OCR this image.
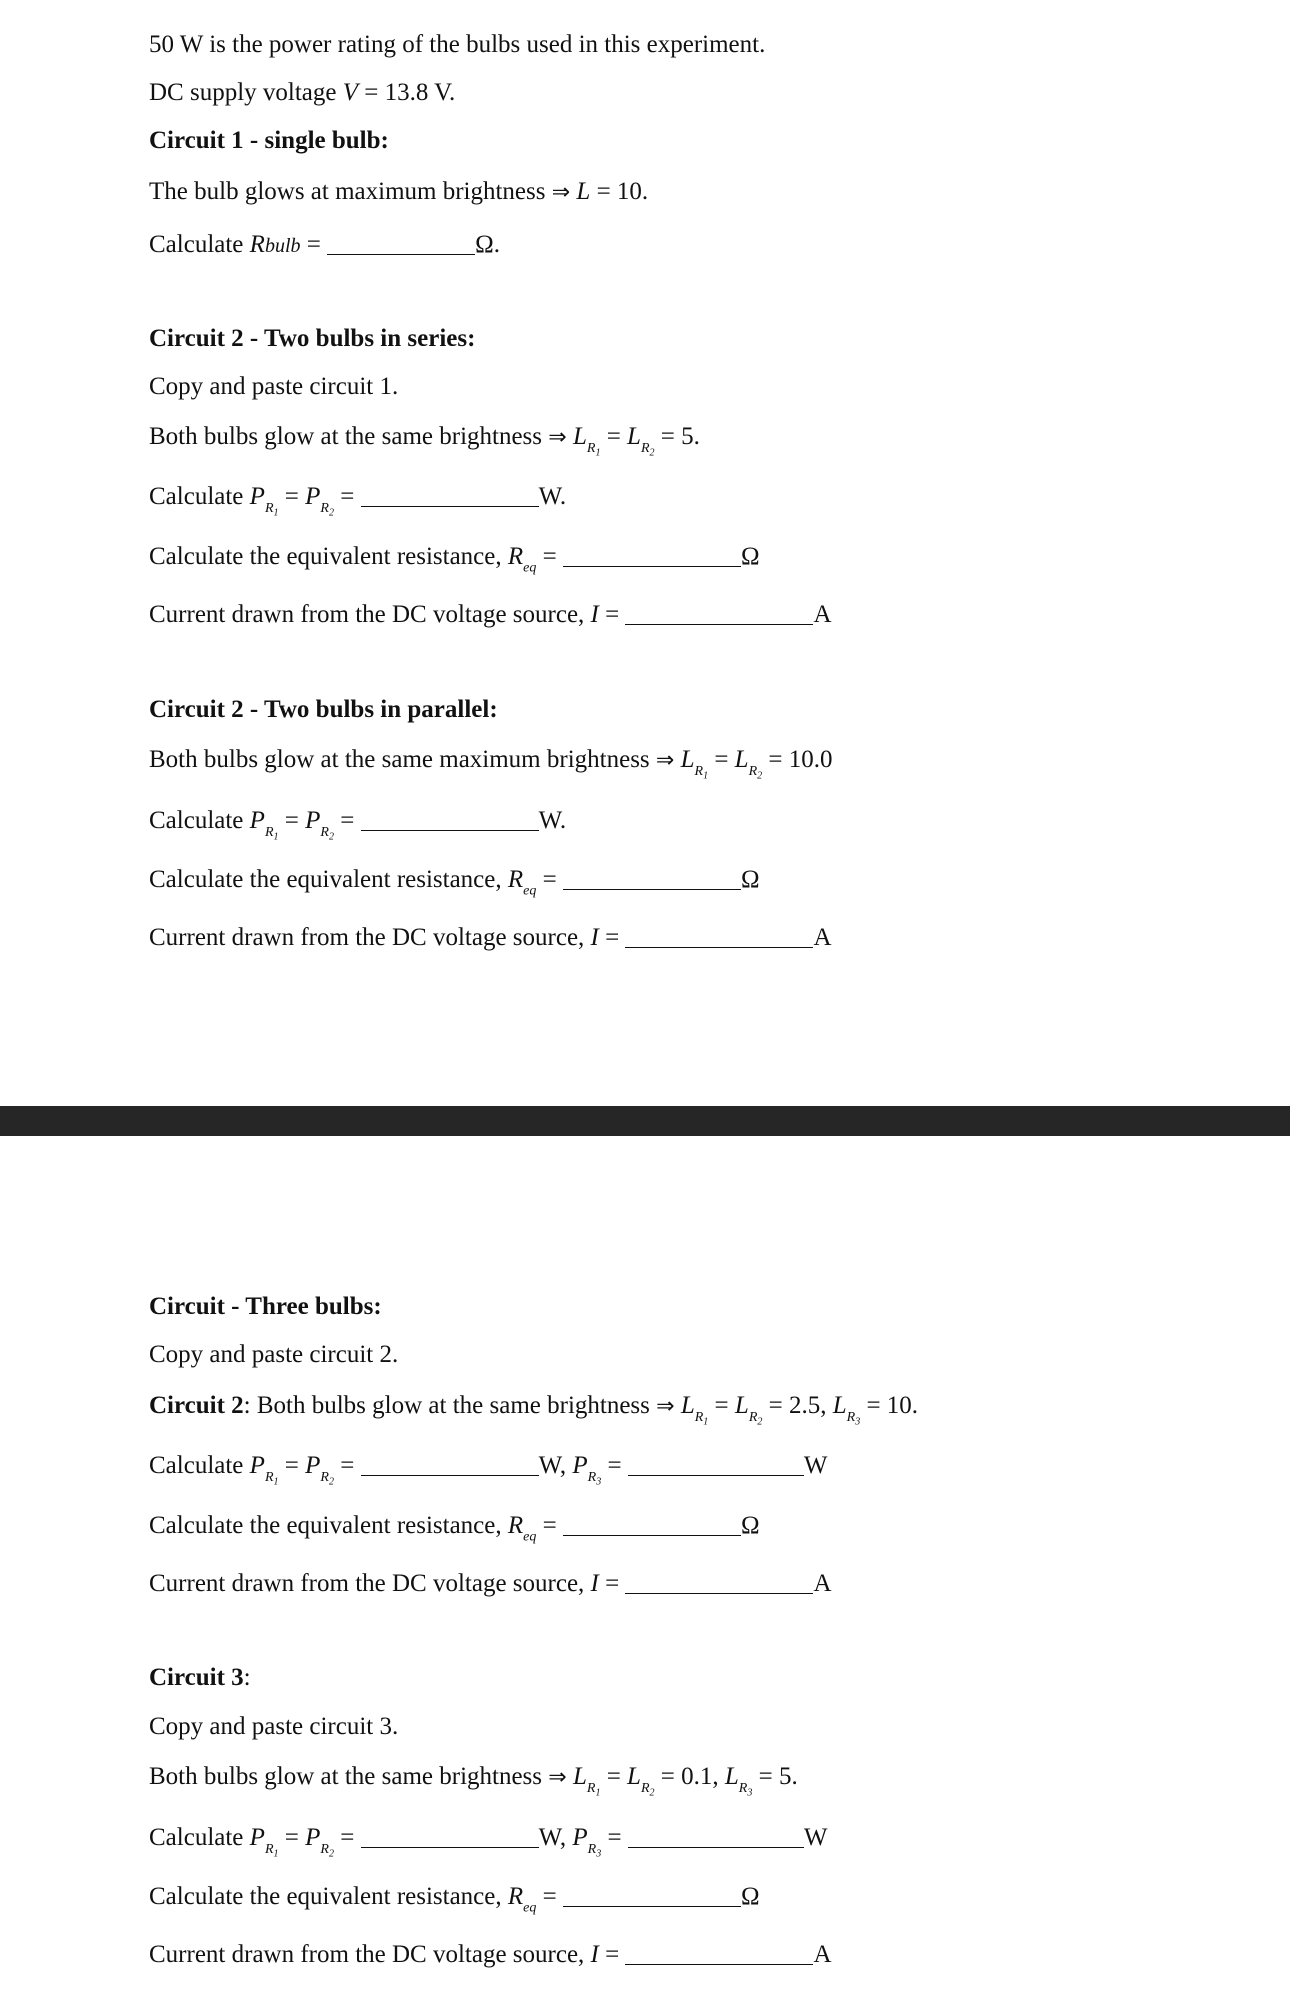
50 W is the power rating of the bulbs used in this experiment.
DC supply voltage V = 13.8 V.
Circuit 1 - single bulb:
The bulb glows at maximum brightness ⇒ L = 10.
Calculate Rbulb =	Ω.
Circuit 2 - Two bulbs in series:
Copy and paste circuit 1.
Both bulbs glow at the same brightness ⇒ $L_{R_1} = L_{R_2} = 5$.
Calculate $P_{R_1} = P_{R_2}$ =	W.
Calculate the equivalent resistance, $R_{eq}$ =	Ω
Current drawn from the DC voltage source, I =	A
Circuit 2 - Two bulbs in parallel:
Both bulbs glow at the same maximum brightness ⇒ $L_{R_1} = L_{R_2} = 10.0$
Calculate $P_{R_1} = P_{R_2}$ =	W.
Calculate the equivalent resistance, $R_{eq}$ =	Ω
Current drawn from the DC voltage source, I =	A
Circuit - Three bulbs:
Copy and paste circuit 2.
Circuit 2: Both bulbs glow at the same brightness ⇒ $L_{R_1} = L_{R_2} = 2.5$, $L_{R_3} = 10$.
Calculate $P_{R_1} = P_{R_2}$ =	W, $P_{R_3}$ =	W
Calculate the equivalent resistance, $R_{eq}$ =	Ω
Current drawn from the DC voltage source, I =	A
Circuit 3:
Copy and paste circuit 3.
Both bulbs glow at the same brightness ⇒ $L_{R_1} = L_{R_2} = 0.1$, $L_{R_3} = 5$.
Calculate $P_{R_1} = P_{R_2}$ =	W, $P_{R_3}$ =	W
Calculate the equivalent resistance, $R_{eq}$ =	Ω
Current drawn from the DC voltage source, I =	A
